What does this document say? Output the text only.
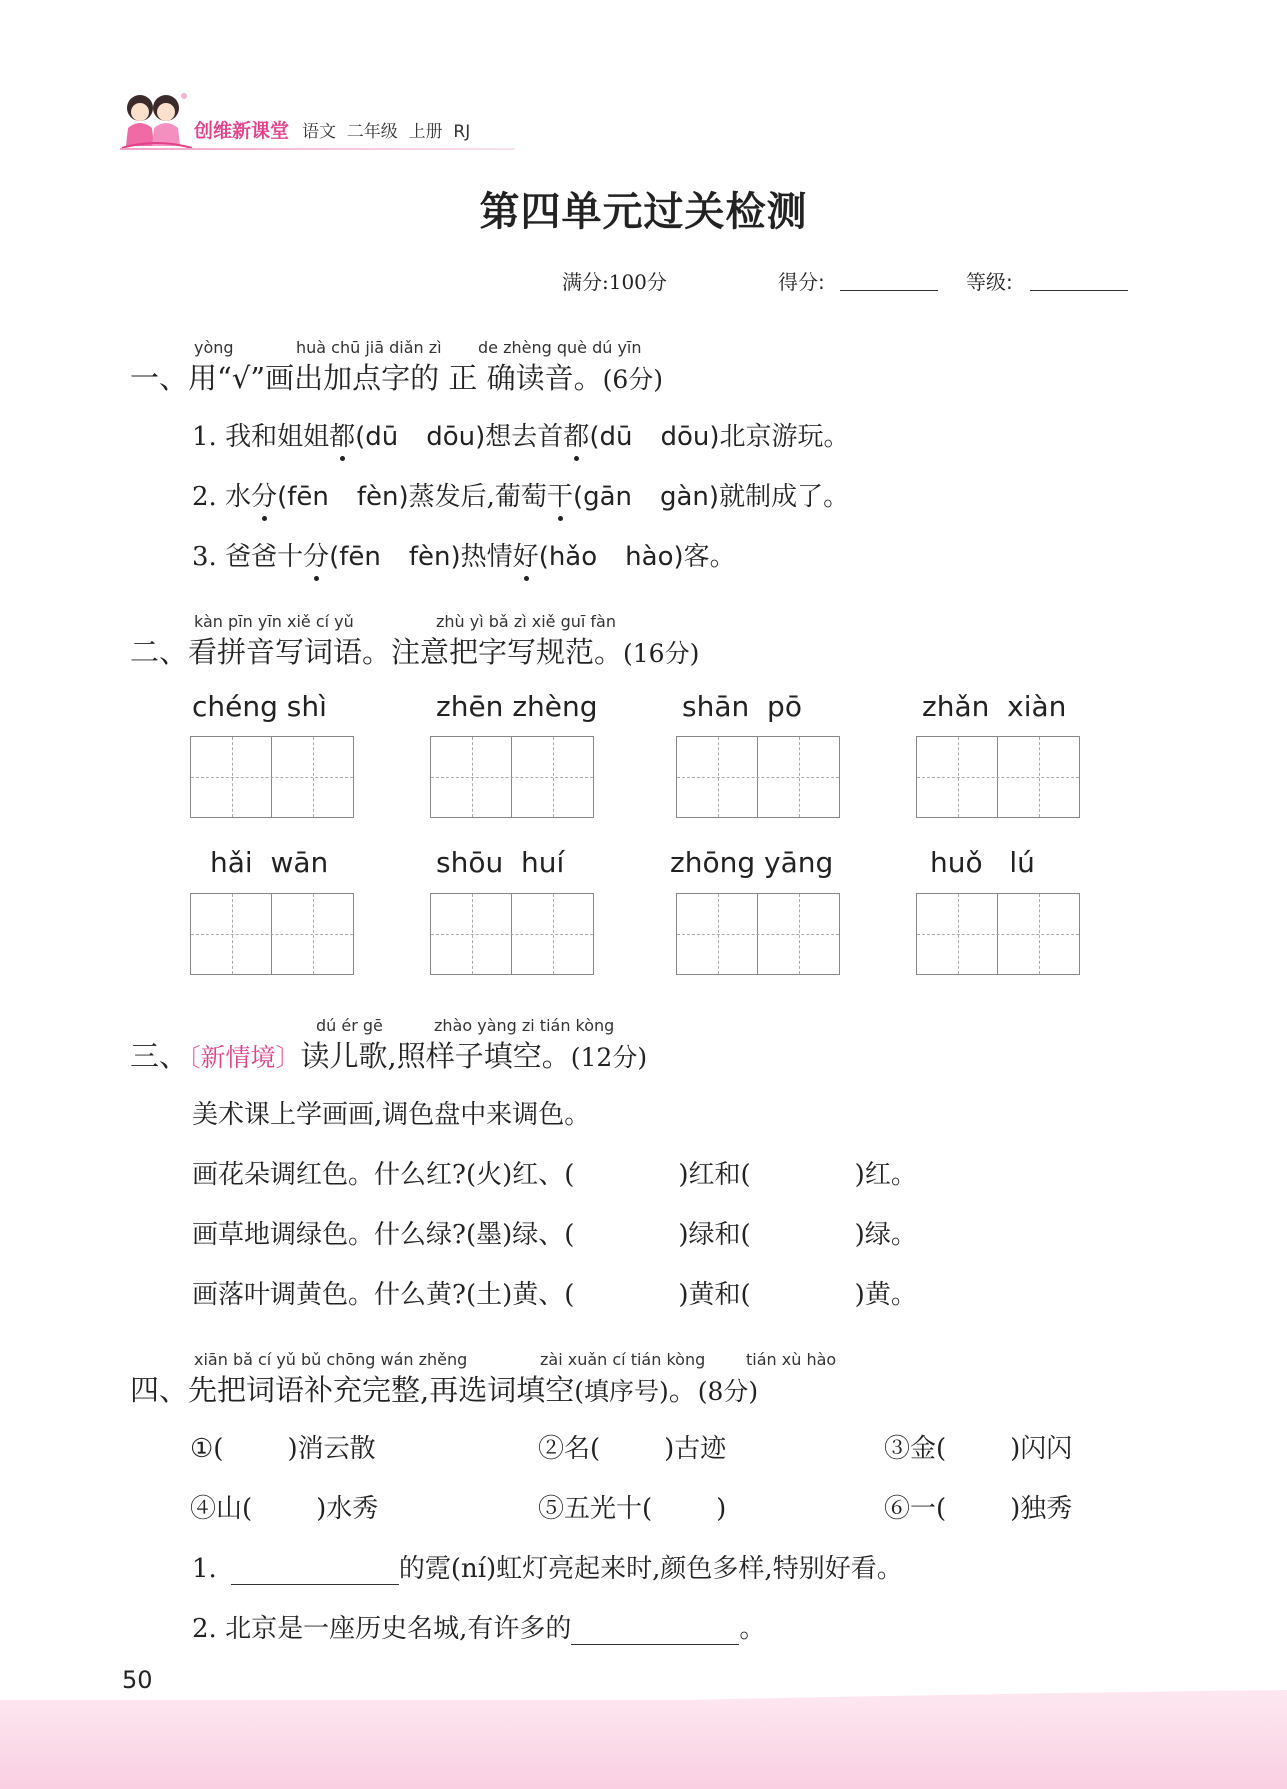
创维新课堂 语文  二年级  上册  RJ
第四单元过关检测
满分:100分	得分:	等级:
yòng	huà chū jiā diǎn zì de zhèng què dú yīn
一、用“√”画出加点字的 正 确读音。(6分)
1. 我和姐姐都(dū dōu)想去首都(dū dōu)北京游玩。
2. 水分(fēn fèn)蒸发后,葡萄干(gān gàn)就制成了。
3. 爸爸十分(fēn fèn)热情好(hǎo hào)客。
kàn pīn yīn xiě cí yǔ	zhù yì bǎ zì xiě guī fàn
二、看拼音写词语。注意把字写规范。(16分)
chéng shì	zhēn zhèng	shān  pō	zhǎn  xiàn
hǎi  wān	shōu  huí	zhōng yāng	huǒ   lú
dú ér gē	zhào yàng zi tián kòng
三、〔新情境〕读儿歌,照样子填空。(12分)
美术课上学画画,调色盘中来调色。
画花朵调红色。什么红?(火)红、(	)红和(	)红。
画草地调绿色。什么绿?(墨)绿、(	)绿和(	)绿。
画落叶调黄色。什么黄?(土)黄、(	)黄和(	)黄。
xiān bǎ cí yǔ bǔ chōng wán zhěng	zài xuǎn cí tián kòng	tián xù hào
四、先把词语补充完整,再选词填空(填序号)。(8分)
①( )消云散	②名( )古迹	③金( )闪闪
④山( )水秀	⑤五光十( )	⑥一( )独秀
1.	的霓(ní)虹灯亮起来时,颜色多样,特别好看。
2. 北京是一座历史名城,有许多的	。
50
